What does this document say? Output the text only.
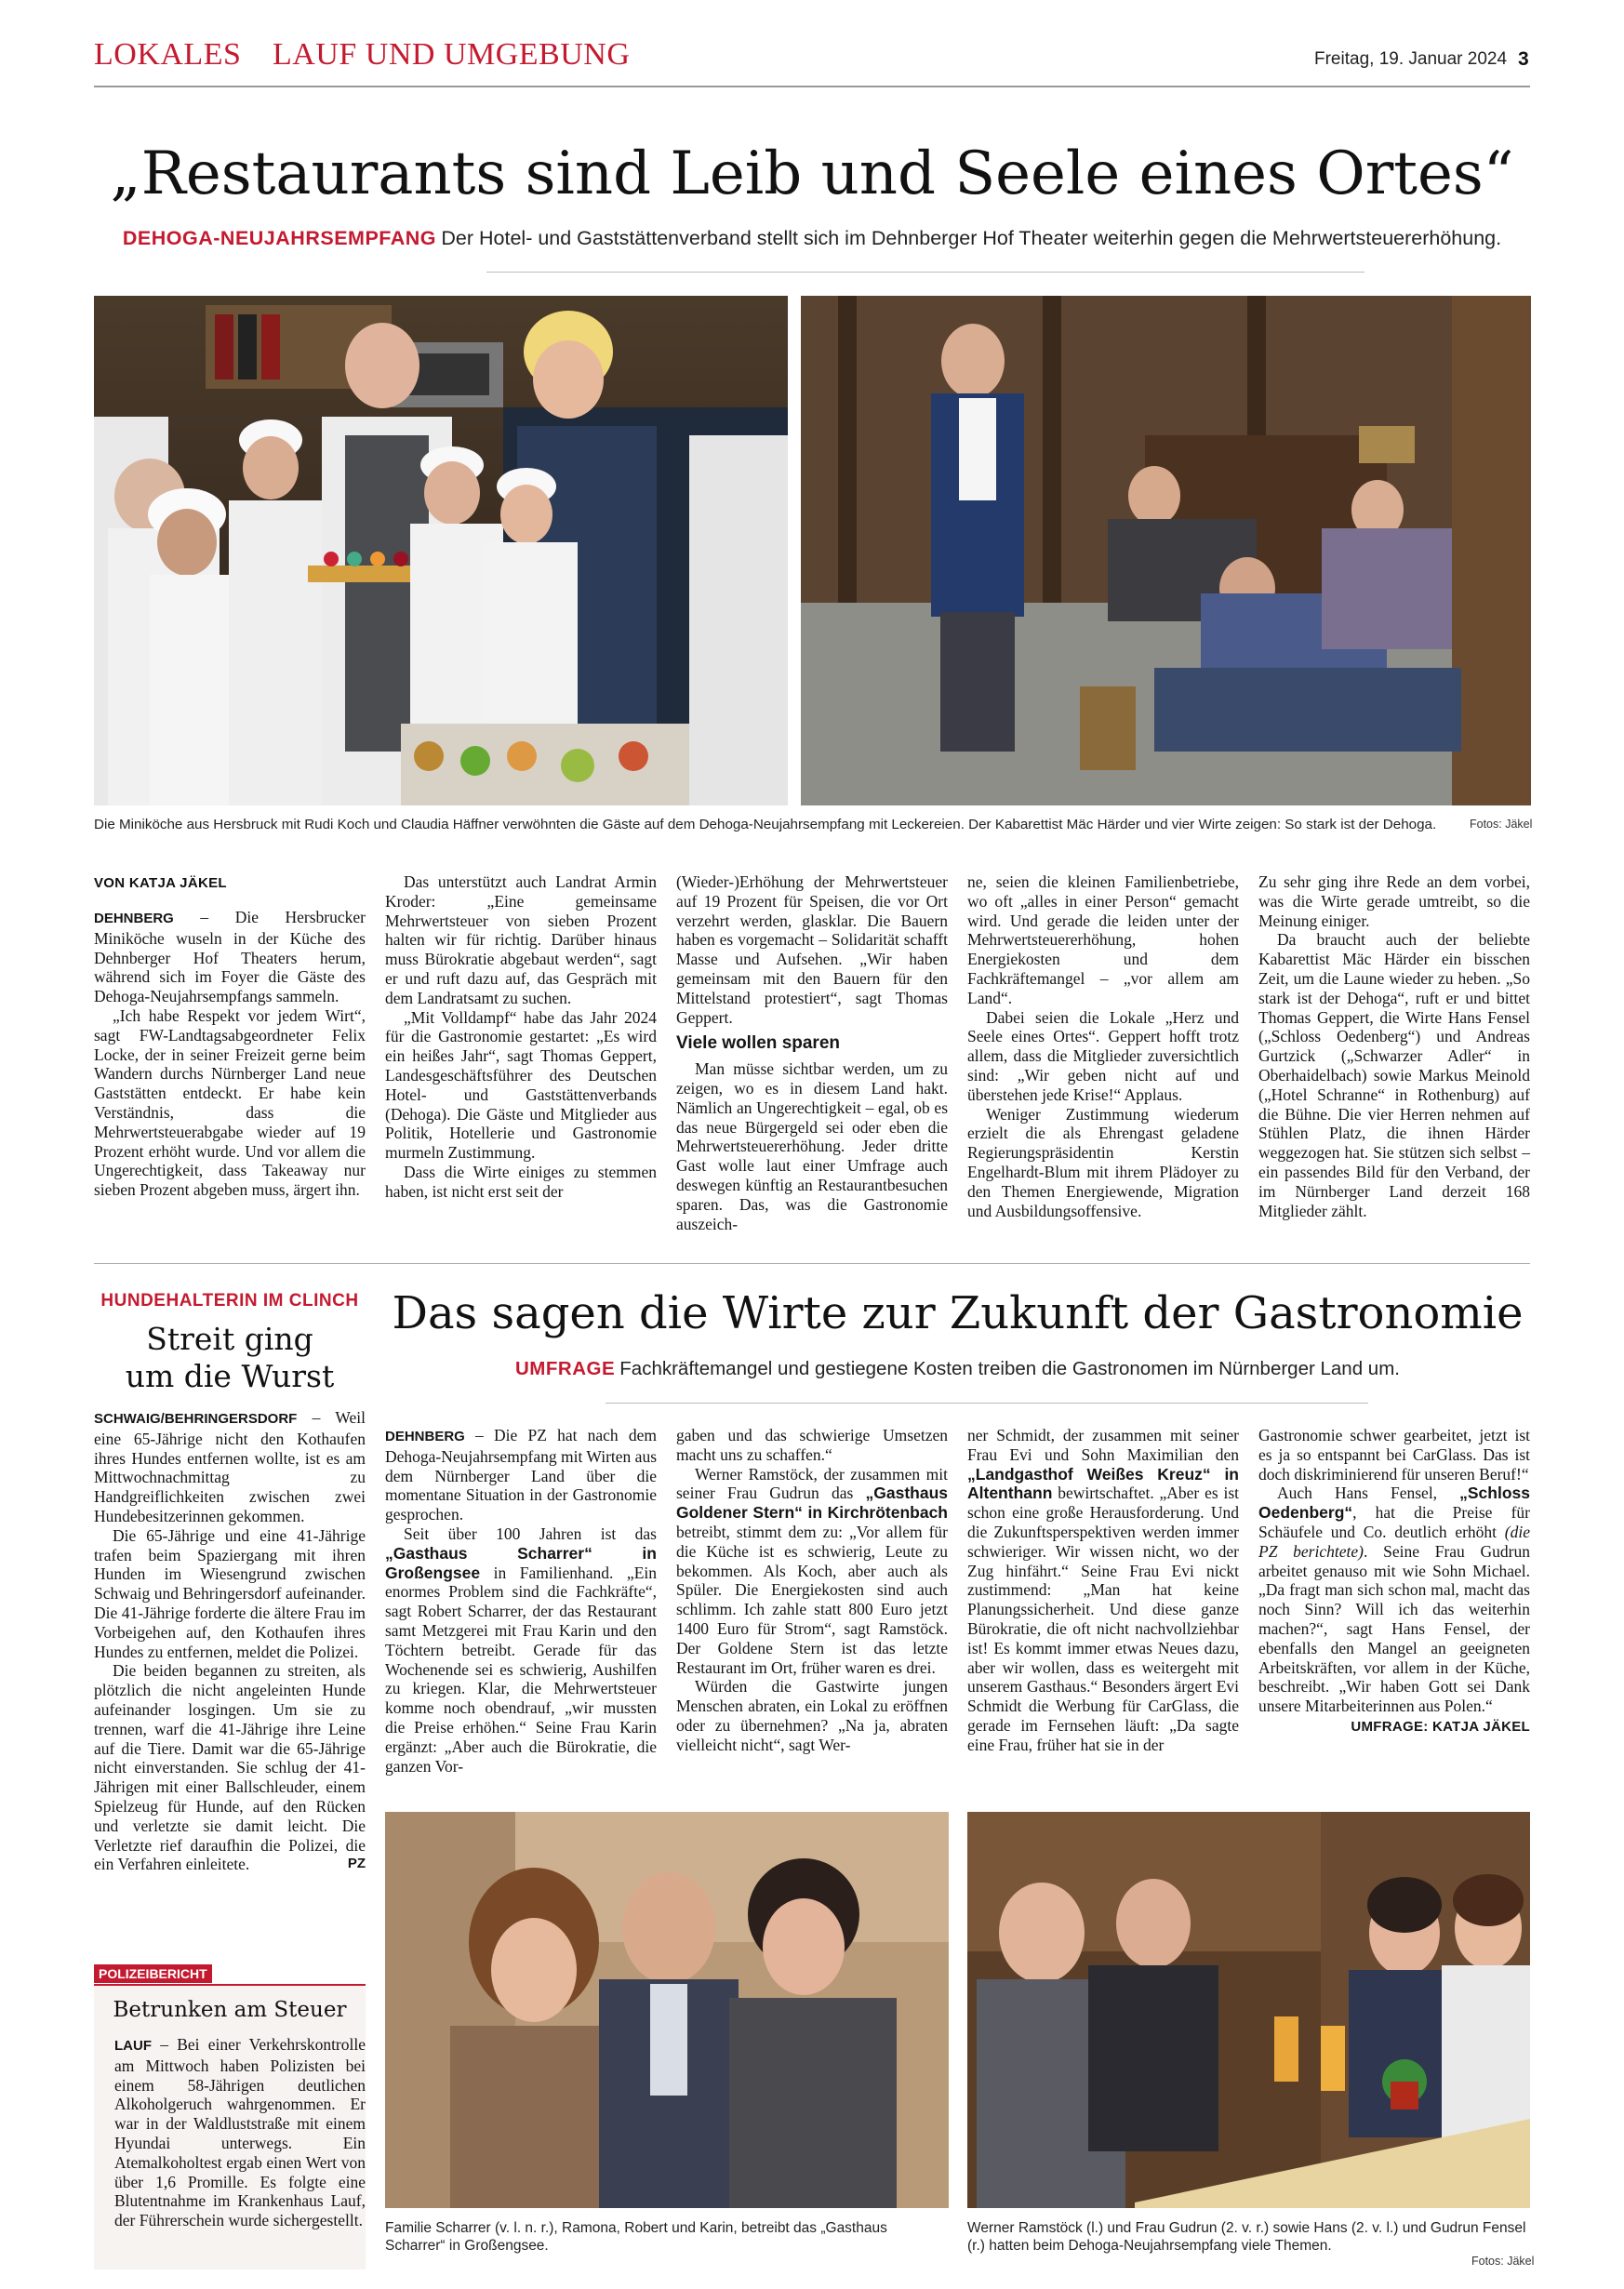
LOKALES LAUF UND UMGEBUNG	Freitag, 19. Januar 2024 3
„Restaurants sind Leib und Seele eines Ortes“
DEHOGA-NEUJAHRSEMPFANG Der Hotel- und Gaststättenverband stellt sich im Dehnberger Hof Theater weiterhin gegen die Mehrwertsteuererhöhung.
Die Miniköche aus Hersbruck mit Rudi Koch und Claudia Häffner verwöhnten die Gäste auf dem Dehoga-Neujahrsempfang mit Leckereien. Der Kabarettist Mäc Härder und vier Wirte zeigen: So stark ist der Dehoga.	Fotos: Jäkel
VON KATJA JÄKEL

DEHNBERG – Die Hersbrucker Miniköche wuseln in der Küche des Dehnberger Hof Theaters herum, während sich im Foyer die Gäste des Dehoga-Neujahrsempfangs sammeln.

„Ich habe Respekt vor jedem Wirt“, sagt FW-Landtagsabgeordneter Felix Locke, der in seiner Freizeit gerne beim Wandern durchs Nürnberger Land neue Gaststätten entdeckt. Er habe kein Verständnis, dass die Mehrwertsteuerabgabe wieder auf 19 Prozent erhöht wurde. Und vor allem die Ungerechtigkeit, dass Takeaway nur sieben Prozent abgeben muss, ärgert ihn.

Das unterstützt auch Landrat Armin Kroder: „Eine gemeinsame Mehrwertsteuer von sieben Prozent halten wir für richtig. Darüber hinaus muss Bürokratie abgebaut werden“, sagt er und ruft dazu auf, das Gespräch mit dem Landratsamt zu suchen.

„Mit Volldampf“ habe das Jahr 2024 für die Gastronomie gestartet: „Es wird ein heißes Jahr“, sagt Thomas Geppert, Landesgeschäftsführer des Deutschen Hotel- und Gaststättenverbands (Dehoga). Die Gäste und Mitglieder aus Politik, Hotellerie und Gastronomie murmeln Zustimmung.

Dass die Wirte einiges zu stemmen haben, ist nicht erst seit der

(Wieder-)Erhöhung der Mehrwertsteuer auf 19 Prozent für Speisen, die vor Ort verzehrt werden, glasklar. Die Bauern haben es vorgemacht – Solidarität schafft Masse und Aufsehen. „Wir haben gemeinsam mit den Bauern für den Mittelstand protestiert“, sagt Thomas Geppert.

Viele wollen sparen

Man müsse sichtbar werden, um zu zeigen, wo es in diesem Land hakt. Nämlich an Ungerechtigkeit – egal, ob es das neue Bürgergeld sei oder eben die Mehrwertsteuererhöhung. Jeder dritte Gast wolle laut einer Umfrage auch deswegen künftig an Restaurantbesuchen sparen. Das, was die Gastronomie auszeich-

ne, seien die kleinen Familienbetriebe, wo oft „alles in einer Person“ gemacht wird. Und gerade die leiden unter der Mehrwertsteuererhöhung, hohen Energiekosten und dem Fachkräftemangel – „vor allem am Land“.

Dabei seien die Lokale „Herz und Seele eines Ortes“. Geppert hofft trotz allem, dass die Mitglieder zuversichtlich sind: „Wir geben nicht auf und überstehen jede Krise!“ Applaus.

Weniger Zustimmung wiederum erzielt die als Ehrengast geladene Regierungspräsidentin Kerstin Engelhardt-Blum mit ihrem Plädoyer zu den Themen Energiewende, Migration und Ausbildungsoffensive.

Zu sehr ging ihre Rede an dem vorbei, was die Wirte gerade umtreibt, so die Meinung einiger.

Da braucht auch der beliebte Kabarettist Mäc Härder ein bisschen Zeit, um die Laune wieder zu heben. „So stark ist der Dehoga“, ruft er und bittet Thomas Geppert, die Wirte Hans Fensel („Schloss Oedenberg“) und Andreas Gurtzick („Schwarzer Adler“ in Oberhaidelbach) sowie Markus Meinold („Hotel Schranne“ in Rothenburg) auf die Bühne. Die vier Herren nehmen auf Stühlen Platz, die ihnen Härder weggezogen hat. Sie stützen sich selbst – ein passendes Bild für den Verband, der im Nürnberger Land derzeit 168 Mitglieder zählt.

HUNDEHALTERIN IM CLINCH
Streit ging
um die Wurst

SCHWAIG/BEHRINGERSDORF – Weil eine 65-Jährige nicht den Kothaufen ihres Hundes entfernen wollte, ist es am Mittwochnachmittag zu Handgreiflichkeiten zwischen zwei Hundebesitzerinnen gekommen.

Die 65-Jährige und eine 41-Jährige trafen beim Spaziergang mit ihren Hunden im Wiesengrund zwischen Schwaig und Behringersdorf aufeinander. Die 41-Jährige forderte die ältere Frau im Vorbeigehen auf, den Kothaufen ihres Hundes zu entfernen, meldet die Polizei.

Die beiden begannen zu streiten, als plötzlich die nicht angeleinten Hunde aufeinander losgingen. Um sie zu trennen, warf die 41-Jährige ihre Leine auf die Tiere. Damit war die 65-Jährige nicht einverstanden. Sie schlug der 41-Jährigen mit einer Ballschleuder, einem Spielzeug für Hunde, auf den Rücken und verletzte sie damit leicht. Die Verletzte rief daraufhin die Polizei, die ein Verfahren einleitete.	PZ

POLIZEIBERICHT
Betrunken am Steuer

LAUF – Bei einer Verkehrskontrolle am Mittwoch haben Polizisten bei einem 58-Jährigen deutlichen Alkoholgeruch wahrgenommen. Er war in der Waldluststraße mit einem Hyundai unterwegs. Ein Atemalkoholtest ergab einen Wert von über 1,6 Promille. Es folgte eine Blutentnahme im Krankenhaus Lauf, der Führerschein wurde sichergestellt.

Das sagen die Wirte zur Zukunft der Gastronomie
UMFRAGE Fachkräftemangel und gestiegene Kosten treiben die Gastronomen im Nürnberger Land um.

DEHNBERG – Die PZ hat nach dem Dehoga-Neujahrsempfang mit Wirten aus dem Nürnberger Land über die momentane Situation in der Gastronomie gesprochen.

Seit über 100 Jahren ist das „Gasthaus Scharrer“ in Großengsee in Familienhand. „Ein enormes Problem sind die Fachkräfte“, sagt Robert Scharrer, der das Restaurant samt Metzgerei mit Frau Karin und den Töchtern betreibt. Gerade für das Wochenende sei es schwierig, Aushilfen zu kriegen. Klar, die Mehrwertsteuer komme noch obendrauf, „wir mussten die Preise erhöhen.“ Seine Frau Karin ergänzt: „Aber auch die Bürokratie, die ganzen Vor-

gaben und das schwierige Umsetzen macht uns zu schaffen.“

Werner Ramstöck, der zusammen mit seiner Frau Gudrun das „Gasthaus Goldener Stern“ in Kirchrötenbach betreibt, stimmt dem zu: „Vor allem für die Küche ist es schwierig, Leute zu bekommen. Als Koch, aber auch als Spüler. Die Energiekosten sind auch schlimm. Ich zahle statt 800 Euro jetzt 1400 Euro für Strom“, sagt Ramstöck. Der Goldene Stern ist das letzte Restaurant im Ort, früher waren es drei.

Würden die Gastwirte jungen Menschen abraten, ein Lokal zu eröffnen oder zu übernehmen? „Na ja, abraten vielleicht nicht“, sagt Wer-

ner Schmidt, der zusammen mit seiner Frau Evi und Sohn Maximilian den „Landgasthof Weißes Kreuz“ in Altenthann bewirtschaftet. „Aber es ist schon eine große Herausforderung. Und die Zukunftsperspektiven werden immer schwieriger. Wir wissen nicht, wo der Zug hinfährt.“ Seine Frau Evi nickt zustimmend: „Man hat keine Planungssicherheit. Und diese ganze Bürokratie, die oft nicht nachvollziehbar ist! Es kommt immer etwas Neues dazu, aber wir wollen, dass es weitergeht mit unserem Gasthaus.“ Besonders ärgert Evi Schmidt die Werbung für CarGlass, die gerade im Fernsehen läuft: „Da sagte eine Frau, früher hat sie in der

Gastronomie schwer gearbeitet, jetzt ist es ja so entspannt bei CarGlass. Das ist doch diskriminierend für unseren Beruf!“

Auch Hans Fensel, „Schloss Oedenberg“, hat die Preise für Schäufele und Co. deutlich erhöht (die PZ berichtete). Seine Frau Gudrun arbeitet genauso mit wie Sohn Michael. „Da fragt man sich schon mal, macht das noch Sinn? Will ich das weiterhin machen?“, sagt Hans Fensel, der ebenfalls den Mangel an geeigneten Arbeitskräften, vor allem in der Küche, beschreibt. „Wir haben Gott sei Dank unsere Mitarbeiterinnen aus Polen.“

UMFRAGE: KATJA JÄKEL
Familie Scharrer (v. l. n. r.), Ramona, Robert und Karin, betreibt das „Gasthaus Scharrer“ in Großengsee.
Werner Ramstöck (l.) und Frau Gudrun (2. v. r.) sowie Hans (2. v. l.) und Gudrun Fensel (r.) hatten beim Dehoga-Neujahrsempfang viele Themen.
Fotos: Jäkel
